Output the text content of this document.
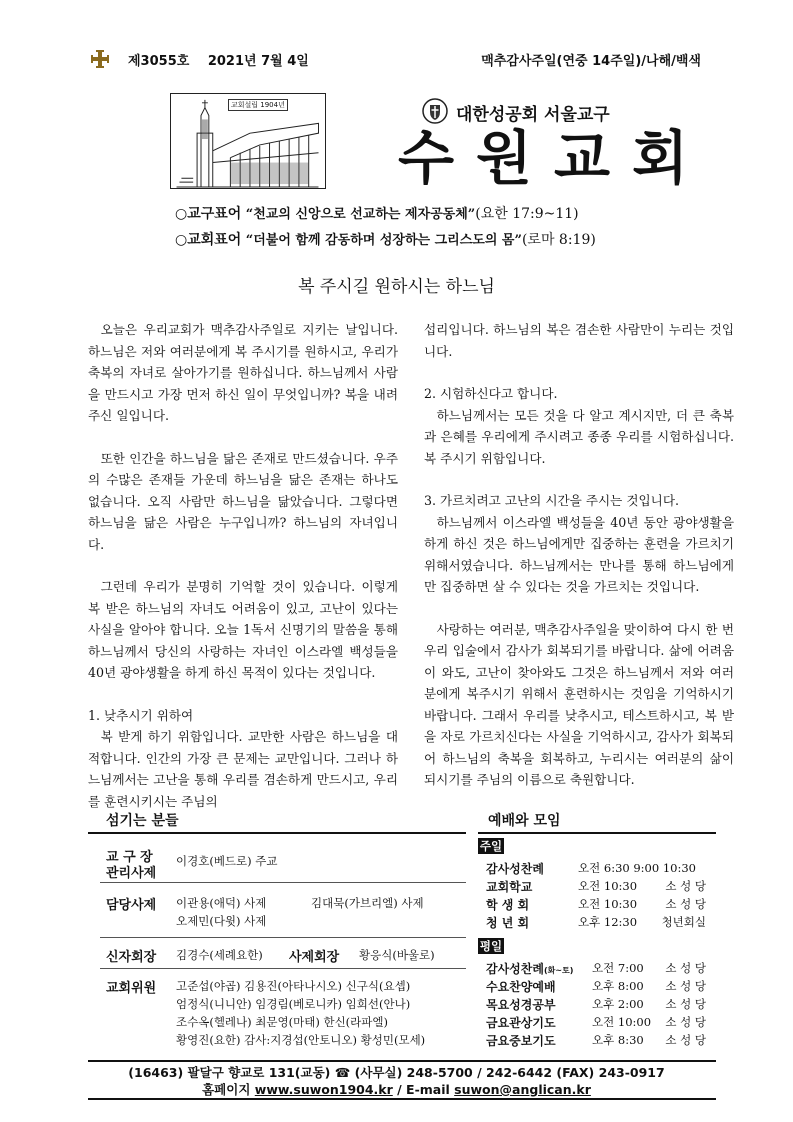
제3055호 2021년 7월 4일	맥추감사주일(연중 14주일)/나해/백색
교회설립 1904년	대한성공회 서울교구
수원교회
○교구표어 “천교의 신앙으로 선교하는 제자공동체”(요한 17:9~11)
○교회표어 “더불어 함께 감동하며 성장하는 그리스도의 몸”(로마 8:19)
복 주시길 원하시는 하느님

오늘은 우리교회가 맥추감사주일로 지키는 날입니다. 하느님은 저와 여러분에게 복 주시기를 원하시고, 우리가 축복의 자녀로 살아가기를 원하십니다. 하느님께서 사람을 만드시고 가장 먼저 하신 일이 무엇입니까? 복을 내려 주신 일입니다.

또한 인간을 하느님을 닮은 존재로 만드셨습니다. 우주의 수많은 존재들 가운데 하느님을 닮은 존재는 하나도 없습니다. 오직 사람만 하느님을 닮았습니다. 그렇다면 하느님을 닮은 사람은 누구입니까? 하느님의 자녀입니다.

그런데 우리가 분명히 기억할 것이 있습니다. 이렇게 복 받은 하느님의 자녀도 어려움이 있고, 고난이 있다는 사실을 알아야 합니다. 오늘 1독서 신명기의 말씀을 통해 하느님께서 당신의 사랑하는 자녀인 이스라엘 백성들을 40년 광야생활을 하게 하신 목적이 있다는 것입니다.

1. 낮추시기 위하여

복 받게 하기 위함입니다. 교만한 사람은 하느님을 대적합니다. 인간의 가장 큰 문제는 교만입니다. 그러나 하느님께서는 고난을 통해 우리를 겸손하게 만드시고, 우리를 훈련시키시는 주님의

섭리입니다. 하느님의 복은 겸손한 사람만이 누리는 것입니다.

2. 시험하신다고 합니다.

하느님께서는 모든 것을 다 알고 계시지만, 더 큰 축복과 은혜를 우리에게 주시려고 종종 우리를 시험하십니다. 복 주시기 위함입니다.

3. 가르치려고 고난의 시간을 주시는 것입니다.

하느님께서 이스라엘 백성들을 40년 동안 광야생활을 하게 하신 것은 하느님에게만 집중하는 훈련을 가르치기 위해서였습니다. 하느님께서는 만나를 통해 하느님에게만 집중하면 살 수 있다는 것을 가르치는 것입니다.

사랑하는 여러분, 맥추감사주일을 맞이하여 다시 한 번 우리 입술에서 감사가 회복되기를 바랍니다. 삶에 어려움이 와도, 고난이 찾아와도 그것은 하느님께서 저와 여러분에게 복주시기 위해서 훈련하시는 것임을 기억하시기 바랍니다. 그래서 우리를 낮추시고, 테스트하시고, 복 받을 자로 가르치신다는 사실을 기억하시고, 감사가 회복되어 하느님의 축복을 회복하고, 누리시는 여러분의 삶이 되시기를 주님의 이름으로 축원합니다.

섬기는 분들
교 구 장
관리사제
이경호(베드로) 주교
담당사제 이관용(애덕) 사제	김대묵(가브리엘) 사제
오제민(다윗) 사제
신자회장 김경수(세례요한) 사제회장 황응식(바울로)
교회위원 고준섭(야곱) 김용진(아타나시오) 신구식(요셉)
엄정식(니니안) 임경림(베로니카) 임희선(안나)
조수옥(헬레나) 최문영(마태) 한신(라파엘)
황영진(요한) 감사:지경섭(안토니오) 황성민(모세)
예배와 모임
주일
감사성찬례	오전 6:30 9:00 10:30
교회학교	오전 10:30 소 성 당
학 생 회	오전 10:30 소 성 당
청 년 회	오후 12:30 청년회실
평일
감사성찬례(화~토) 오전 7:00 소 성 당
수요찬양예배	오후 8:00 소 성 당
목요성경공부	오후 2:00 소 성 당
금요관상기도	오전 10:00 소 성 당
금요중보기도	오후 8:30 소 성 당
(16463) 팔달구 향교로 131(교동) ☎ (사무실) 248-5700 / 242-6442 (FAX) 243-0917
홈페이지 www.suwon1904.kr / E-mail suwon@anglican.kr
